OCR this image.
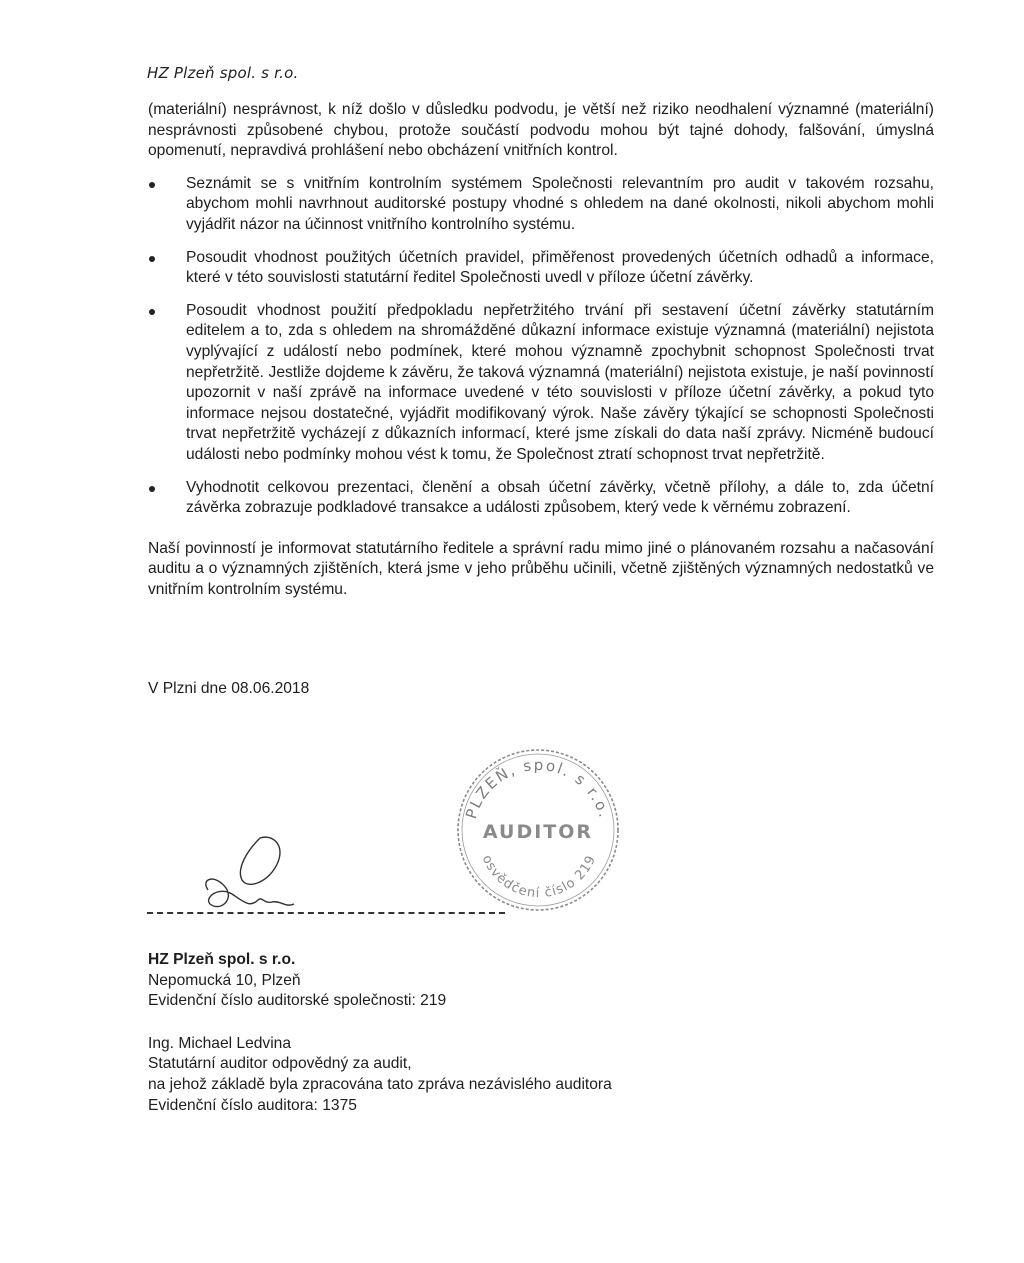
HZ Plzeň spol. s r.o.

(materiální) nesprávnost, k níž došlo v důsledku podvodu, je větší než riziko neodhalení významné (materiální) nesprávnosti způsobené chybou, protože součástí podvodu mohou být tajné dohody, falšování, úmyslná opomenutí, nepravdivá prohlášení nebo obcházení vnitřních kontrol.

Seznámit se s vnitřním kontrolním systémem Společnosti relevantním pro audit v takovém rozsahu, abychom mohli navrhnout auditorské postupy vhodné s ohledem na dané okolnosti, nikoli abychom mohli vyjádřit názor na účinnost vnitřního kontrolního systému.
Posoudit vhodnost použitých účetních pravidel, přiměřenost provedených účetních odhadů a informace, které v této souvislosti statutární ředitel Společnosti uvedl v příloze účetní závěrky.
Posoudit vhodnost použití předpokladu nepřetržitého trvání při sestavení účetní závěrky statutárním editelem a to, zda s ohledem na shromážděné důkazní informace existuje významná (materiální) nejistota vyplývající z událostí nebo podmínek, které mohou významně zpochybnit schopnost Společnosti trvat nepřetržitě. Jestliže dojdeme k závěru, že taková významná (materiální) nejistota existuje, je naší povinností upozornit v naší zprávě na informace uvedené v této souvislosti v příloze účetní závěrky, a pokud tyto informace nejsou dostatečné, vyjádřit modifikovaný výrok. Naše závěry týkající se schopnosti Společnosti trvat nepřetržitě vycházejí z důkazních informací, které jsme získali do data naší zprávy. Nicméně budoucí události nebo podmínky mohou vést k tomu, že Společnost ztratí schopnost trvat nepřetržitě.
Vyhodnotit celkovou prezentaci, členění a obsah účetní závěrky, včetně přílohy, a dále to, zda účetní závěrka zobrazuje podkladové transakce a události způsobem, který vede k věrnému zobrazení.

Naší povinností je informovat statutárního ředitele a správní radu mimo jiné o plánovaném rozsahu a načasování auditu a o významných zjištěních, která jsme v jeho průběhu učinili, včetně zjištěných významných nedostatků ve vnitřním kontrolním systému.

V Plzni dne 08.06.2018
PLZEŇ, spol. s r.o.
AUDITOR
osvědčení číslo 219
HZ Plzeň spol. s r.o.
Nepomucká 10, Plzeň
Evidenční číslo auditorské společnosti: 219
Ing. Michael Ledvina
Statutární auditor odpovědný za audit,
na jehož základě byla zpracována tato zpráva nezávislého auditora
Evidenční číslo auditora: 1375
